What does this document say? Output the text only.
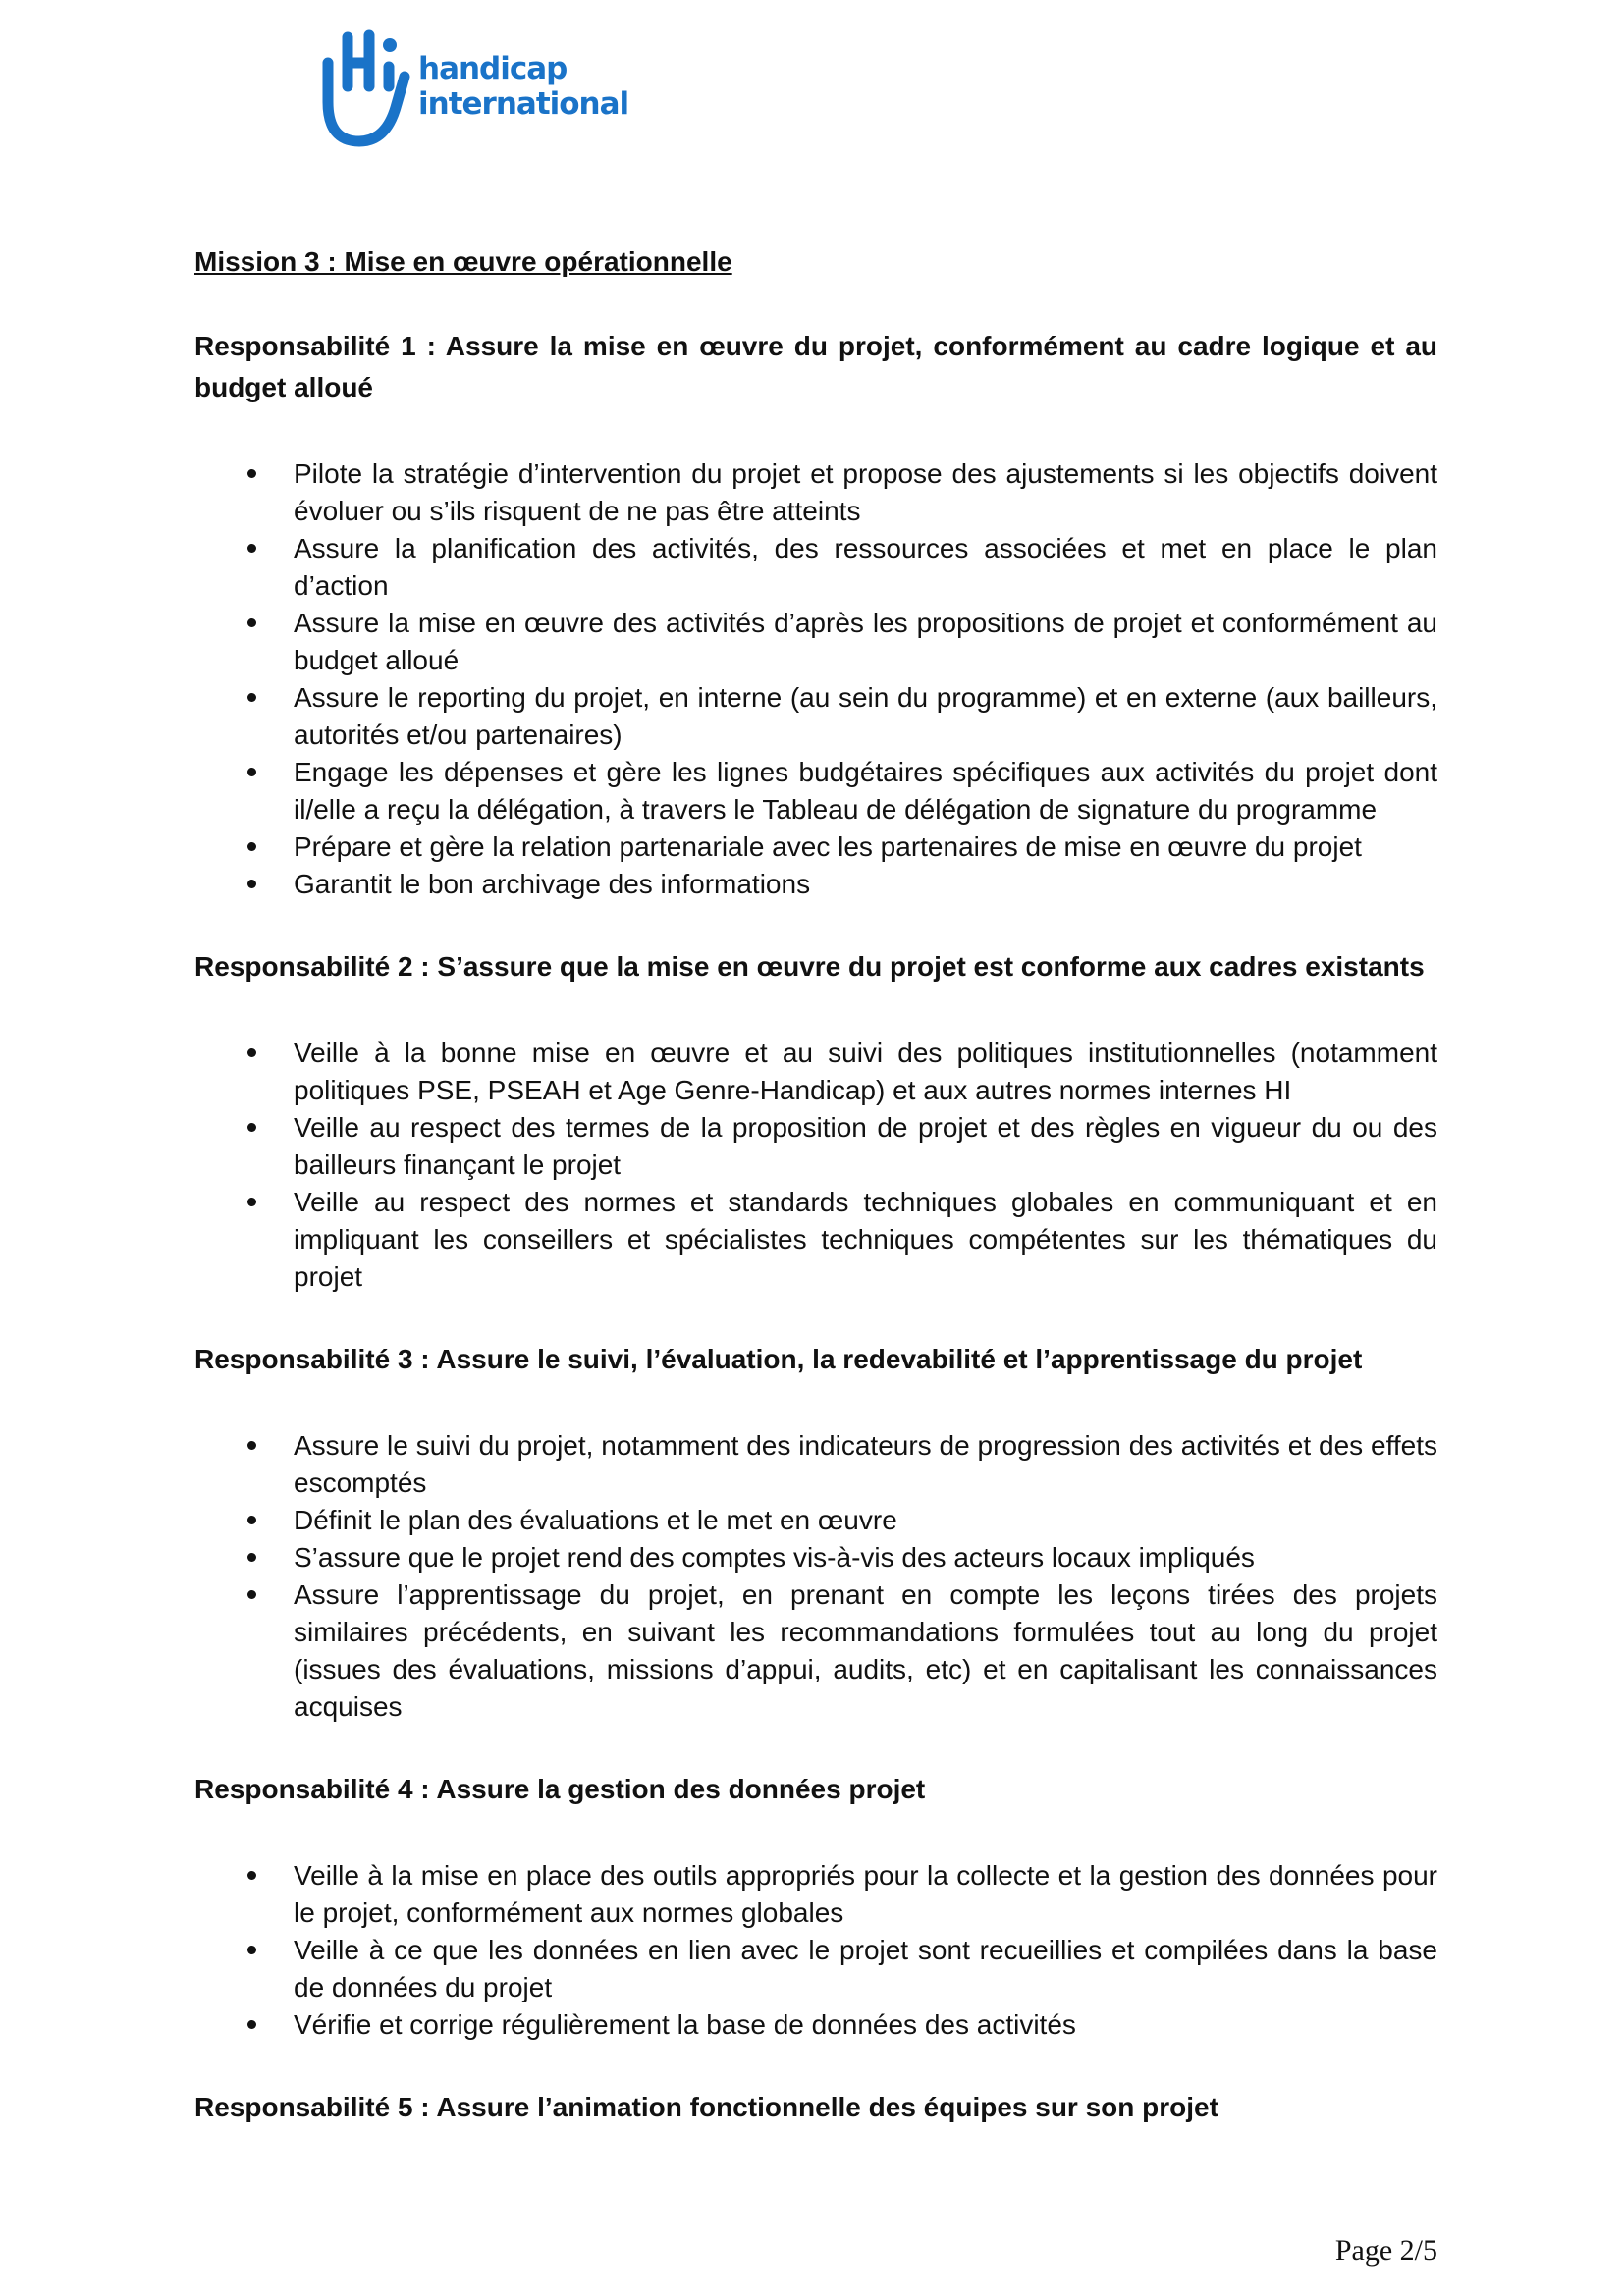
handicap
international

Mission 3 : Mise en œuvre opérationnelle

Responsabilité 1 : Assure la mise en œuvre du projet, conformément au cadre logique et au budget alloué

Pilote la stratégie d’intervention du projet et propose des ajustements si les objectifs doivent évoluer ou s’ils risquent de ne pas être atteints
Assure la planification des activités, des ressources associées et met en place le plan d’action
Assure la mise en œuvre des activités d’après les propositions de projet et conformément au budget alloué
Assure le reporting du projet, en interne (au sein du programme) et en externe (aux bailleurs, autorités et/ou partenaires)
Engage les dépenses et gère les lignes budgétaires spécifiques aux activités du projet dont il/elle a reçu la délégation, à travers le Tableau de délégation de signature du programme
Prépare et gère la relation partenariale avec les partenaires de mise en œuvre du projet
Garantit le bon archivage des informations

Responsabilité 2 : S’assure que la mise en œuvre du projet est conforme aux cadres existants

Veille à la bonne mise en œuvre et au suivi des politiques institutionnelles (notamment politiques PSE, PSEAH et Age Genre-Handicap) et aux autres normes internes HI
Veille au respect des termes de la proposition de projet et des règles en vigueur du ou des bailleurs finançant le projet
Veille au respect des normes et standards techniques globales en communiquant et en impliquant les conseillers et spécialistes techniques compétentes sur les thématiques du projet

Responsabilité 3 : Assure le suivi, l’évaluation, la redevabilité et l’apprentissage du projet

Assure le suivi du projet, notamment des indicateurs de progression des activités et des effets escomptés
Définit le plan des évaluations et le met en œuvre
S’assure que le projet rend des comptes vis-à-vis des acteurs locaux impliqués
Assure l’apprentissage du projet, en prenant en compte les leçons tirées des projets similaires précédents, en suivant les recommandations formulées tout au long du projet (issues des évaluations, missions d’appui, audits, etc) et en capitalisant les connaissances acquises

Responsabilité 4 : Assure la gestion des données projet

Veille à la mise en place des outils appropriés pour la collecte et la gestion des données pour le projet, conformément aux normes globales
Veille à ce que les données en lien avec le projet sont recueillies et compilées dans la base de données du projet
Vérifie et corrige régulièrement la base de données des activités

Responsabilité 5 : Assure l’animation fonctionnelle des équipes sur son projet

Page 2/5
